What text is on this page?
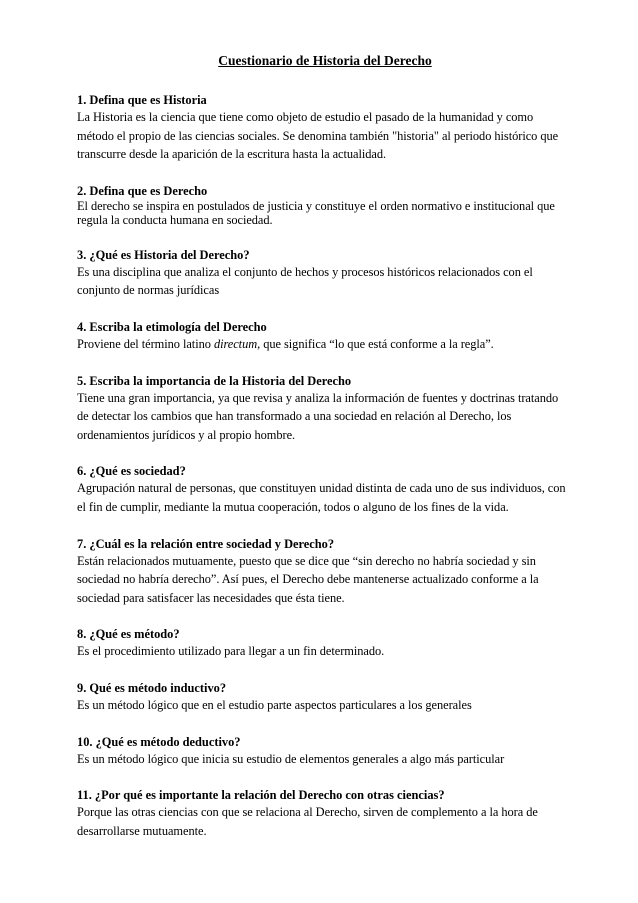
Cuestionario de Historia del Derecho

1. Defina que es Historia

La Historia es la ciencia que tiene como objeto de estudio el pasado de la humanidad y como método el propio de las ciencias sociales. Se denomina también "historia" al periodo histórico que transcurre desde la aparición de la escritura hasta la actualidad.

2. Defina que es Derecho

El derecho se inspira en postulados de justicia y constituye el orden normativo e institucional que regula la conducta humana en sociedad.

3. ¿Qué es Historia del Derecho?

Es una disciplina que analiza el conjunto de hechos y procesos históricos relacionados con el conjunto de normas jurídicas

4. Escriba la etimología del Derecho

Proviene del término latino directum, que significa “lo que está conforme a la regla”.

5. Escriba la importancia de la Historia del Derecho

Tiene una gran importancia, ya que revisa y analiza la información de fuentes y doctrinas tratando de detectar los cambios que han transformado a una sociedad en relación al Derecho, los ordenamientos jurídicos y al propio hombre.

6. ¿Qué es sociedad?

Agrupación natural de personas, que constituyen unidad distinta de cada uno de sus individuos, con el fin de cumplir, mediante la mutua cooperación, todos o alguno de los fines de la vida.

7. ¿Cuál es la relación entre sociedad y Derecho?

Están relacionados mutuamente, puesto que se dice que “sin derecho no habría sociedad y sin sociedad no habría derecho”. Así pues, el Derecho debe mantenerse actualizado conforme a la sociedad para satisfacer las necesidades que ésta tiene.

8. ¿Qué es método?

Es el procedimiento utilizado para llegar a un fin determinado.

9. Qué es método inductivo?

Es un método lógico que en el estudio parte aspectos particulares a los generales

10. ¿Qué es método deductivo?

Es un método lógico que inicia su estudio de elementos generales a algo más particular

11. ¿Por qué es importante la relación del Derecho con otras ciencias?

Porque las otras ciencias con que se relaciona al Derecho, sirven de complemento a la hora de desarrollarse mutuamente.
